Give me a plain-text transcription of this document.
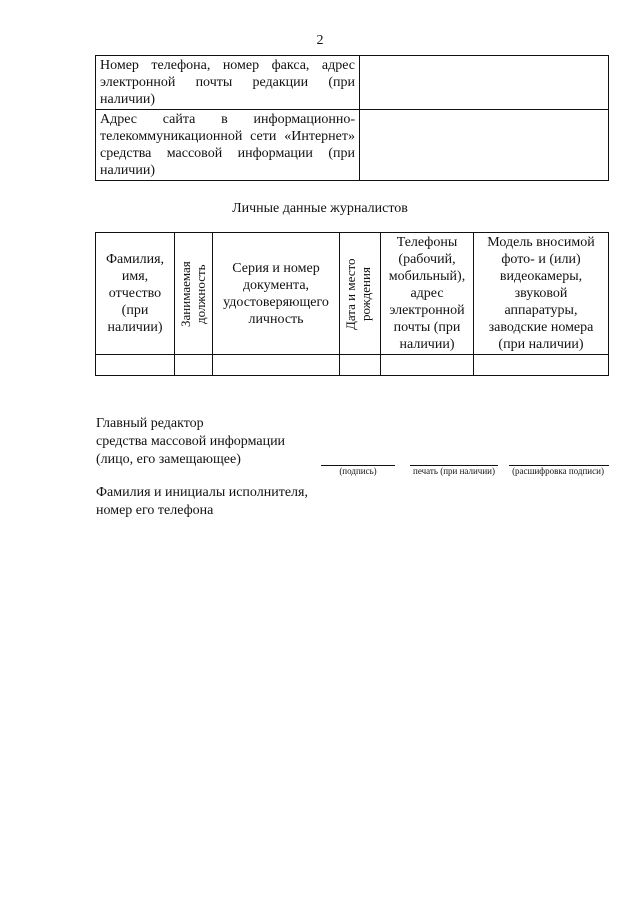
2
Номер телефона, номер факса, адрес электронной почты редакции (при наличии)	
Адрес сайта в информационно-телекоммуникационной сети «Интернет» средства массовой информации (при наличии)	
Личные данные журналистов
Фамилия, имя, отчество (при наличии)	Занимаемая должность	Серия и номер документа, удостоверяющего личность	Дата и место рождения	Телефоны (рабочий, мобильный), адрес электронной почты (при наличии)	Модель вносимой фото- и (или) видеокамеры, звуковой аппаратуры, заводские номера (при наличии)

Главный редактор
средства массовой информации
(лицо, его замещающее)
(подпись)	печать (при наличии)	(расшифровка подписи)
Фамилия и инициалы исполнителя,
номер его телефона
